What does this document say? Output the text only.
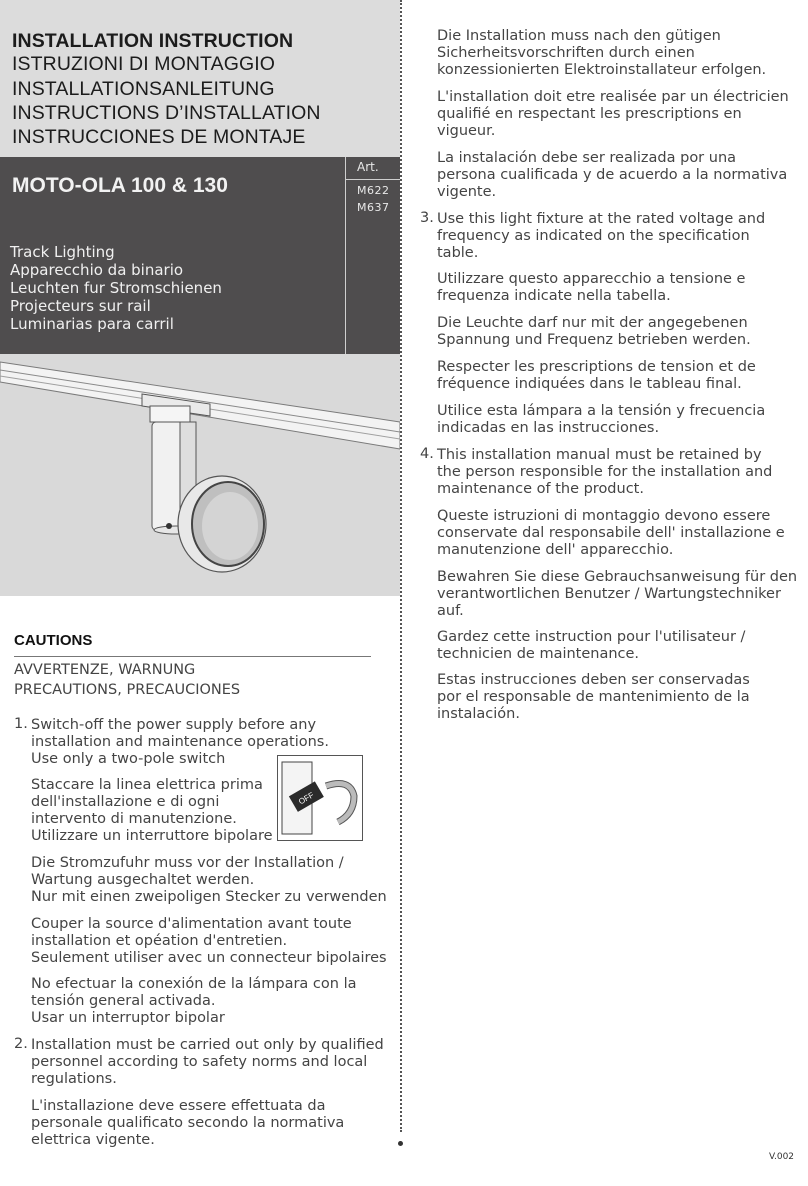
INSTALLATION INSTRUCTION
ISTRUZIONI DI MONTAGGIO
INSTALLATIONSANLEITUNG
INSTRUCTIONS D’INSTALLATION
INSTRUCCIONES DE MONTAJE
MOTO-OLA 100 & 130
Art.
M622
M637
Track Lighting
Apparecchio da binario
Leuchten fur Stromschienen
Projecteurs sur rail
Luminarias para carril
CAUTIONS
AVVERTENZE, WARNUNG
PRECAUTIONS, PRECAUCIONES
1. Switch-off the power supply before any
installation and maintenance operations.
Use only a two-pole switch
Staccare la linea elettrica prima
dell'installazione e di ogni
intervento di manutenzione.
Utilizzare un interruttore bipolare
OFF
Die Stromzufuhr muss vor der Installation /
Wartung ausgechaltet werden.
Nur mit einen zweipoligen Stecker zu verwenden
Couper la source d'alimentation avant toute
installation et opéation d'entretien.
Seulement utiliser avec un connecteur bipolaires
No efectuar la conexión de la lámpara con la
tensión general activada.
Usar un interruptor bipolar
2. Installation must be carried out only by qualified
personnel according to safety norms and local
regulations.
L'installazione deve essere effettuata da
personale qualificato secondo la normativa
elettrica vigente.
Die Installation muss nach den gütigen
Sicherheitsvorschriften durch einen
konzessionierten Elektroinstallateur erfolgen.
L'installation doit etre realisée par un électricien
qualifié en respectant les prescriptions en
vigueur.
La instalación debe ser realizada por una
persona cualificada y de acuerdo a la normativa
vigente.
3. Use this light fixture at the rated voltage and
frequency as indicated on the specification
table.
Utilizzare questo apparecchio a tensione e
frequenza indicate nella tabella.
Die Leuchte darf nur mit der angegebenen
Spannung und Frequenz betrieben werden.
Respecter les prescriptions de tension et de
fréquence indiquées dans le tableau final.
Utilice esta lámpara a la tensión y frecuencia
indicadas en las instrucciones.
4. This installation manual must be retained by
the person responsible for the installation and
maintenance of the product.
Queste istruzioni di montaggio devono essere
conservate dal responsabile dell' installazione e
manutenzione dell' apparecchio.
Bewahren Sie diese Gebrauchsanweisung für den
verantwortlichen Benutzer / Wartungstechniker
auf.
Gardez cette instruction pour l'utilisateur /
technicien de maintenance.
Estas instrucciones deben ser conservadas
por el responsable de mantenimiento de la
instalación.
V.002
